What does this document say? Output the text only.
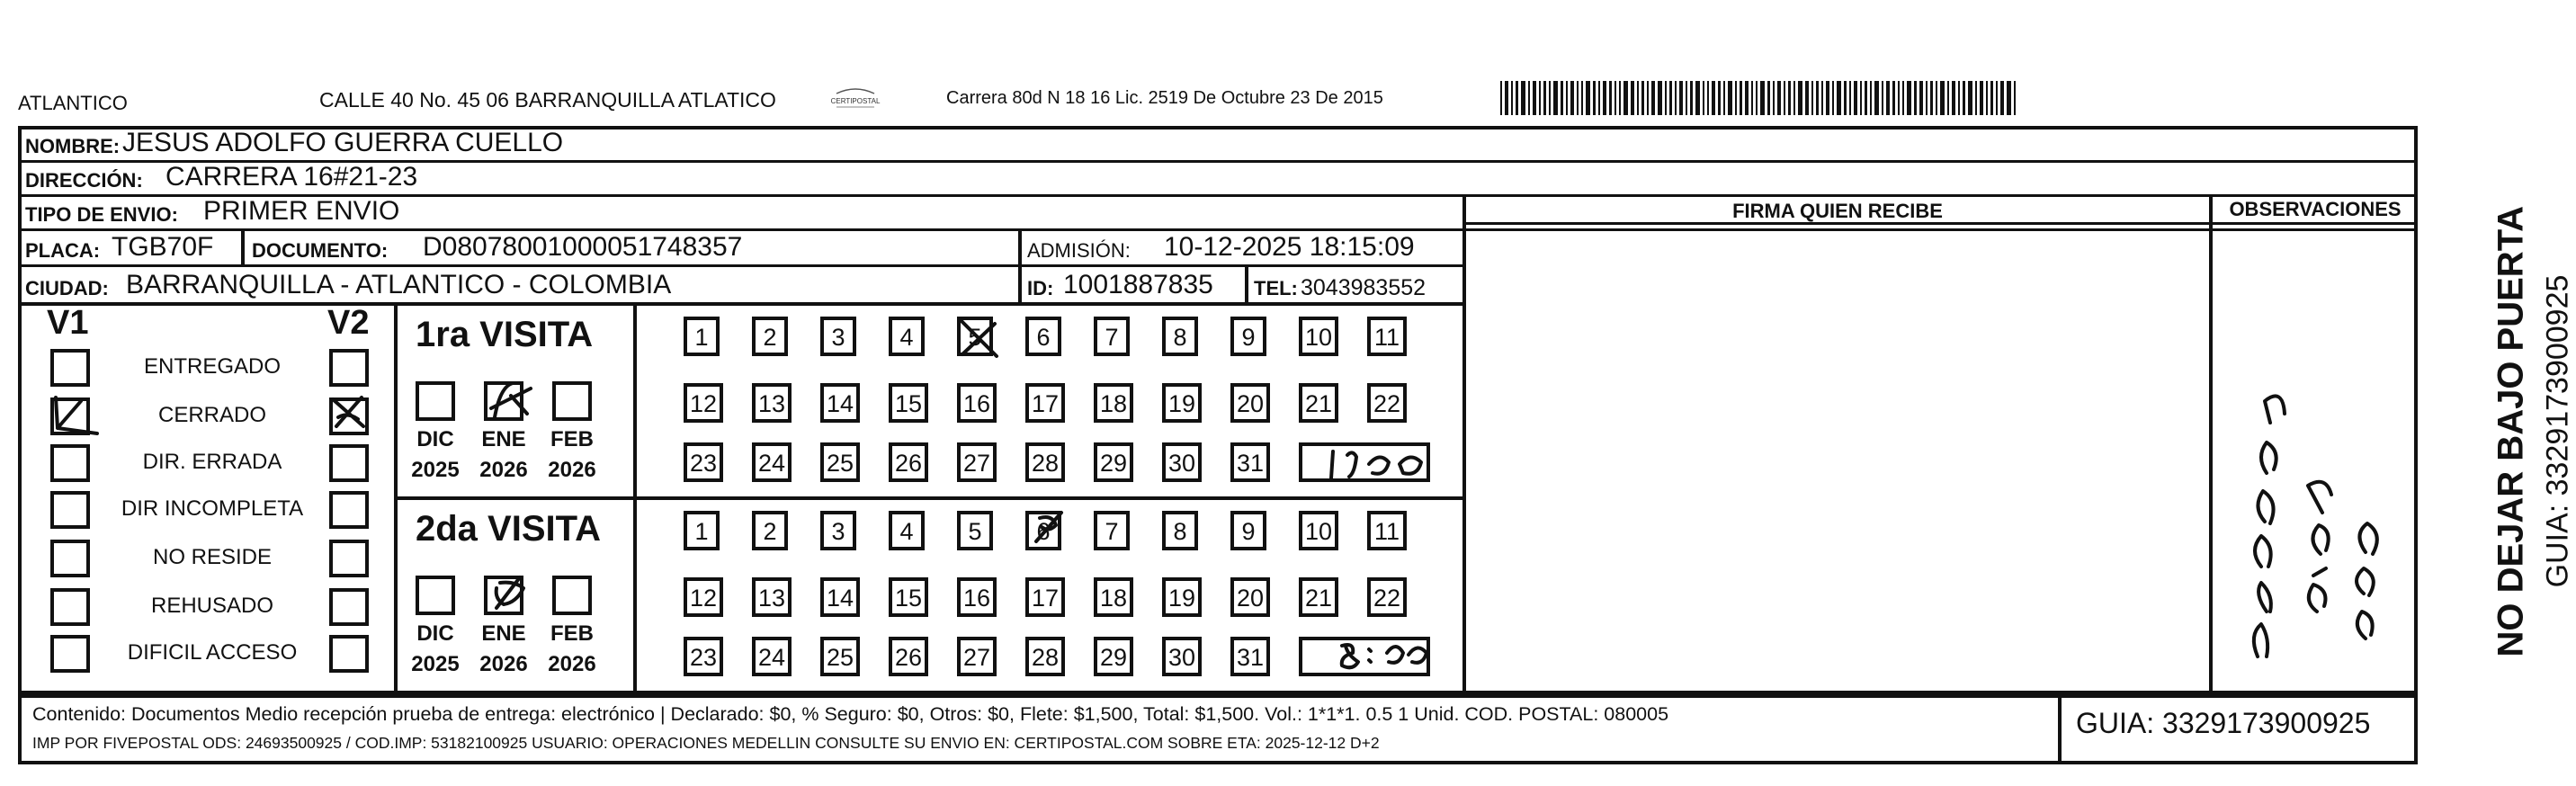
ATLANTICO	CALLE 40 No. 45 06 BARRANQUILLA ATLATICO	CERTIPOSTAL	Carrera 80d N 18 16 Lic. 2519 De Octubre 23 De 2015
NOMBRE: JESUS ADOLFO GUERRA CUELLO
DIRECCIÓN: CARRERA 16#21-23
TIPO DE ENVIO: PRIMER ENVIO	FIRMA QUIEN RECIBE	OBSERVACIONES
PLACA: TGB70F DOCUMENTO: D08078001000051748357	ADMISIÓN: 10-12-2025 18:15:09
CIUDAD: BARRANQUILLA - ATLANTICO - COLOMBIA	ID: 1001887835 TEL: 3043983552
V1	V2
ENTREGADO
CERRADO
DIR. ERRADA
DIR INCOMPLETA
NO RESIDE
REHUSADO
DIFICIL ACCESO
1ra VISITA
DIC
2025
ENE
2026
FEB
2026
1	2	3	4	5	6	7	8	9	10 11
12 13 14 15 16 17 18 19 20 21 22
23 24 25 26 27 28 29 30 31
2da VISITA
DIC
2025
ENE
2026
FEB
2026
1	2	3	4	5	6	7	8	9	10 11
12 13 14 15 16 17 18 19 20 21 22
23 24 25 26 27 28 29 30 31
Contenido: Documentos Medio recepción prueba de entrega: electrónico | Declarado: $0, % Seguro: $0, Otros: $0, Flete: $1,500, Total: $1,500. Vol.: 1*1*1. 0.5 1 Unid. COD. POSTAL: 080005
IMP POR FIVEPOSTAL ODS: 24693500925 / COD.IMP: 53182100925 USUARIO: OPERACIONES MEDELLIN CONSULTE SU ENVIO EN: CERTIPOSTAL.COM SOBRE ETA: 2025-12-12 D+2
GUIA: 3329173900925
NO DEJAR BAJO PUERTA GUIA: 3329173900925
